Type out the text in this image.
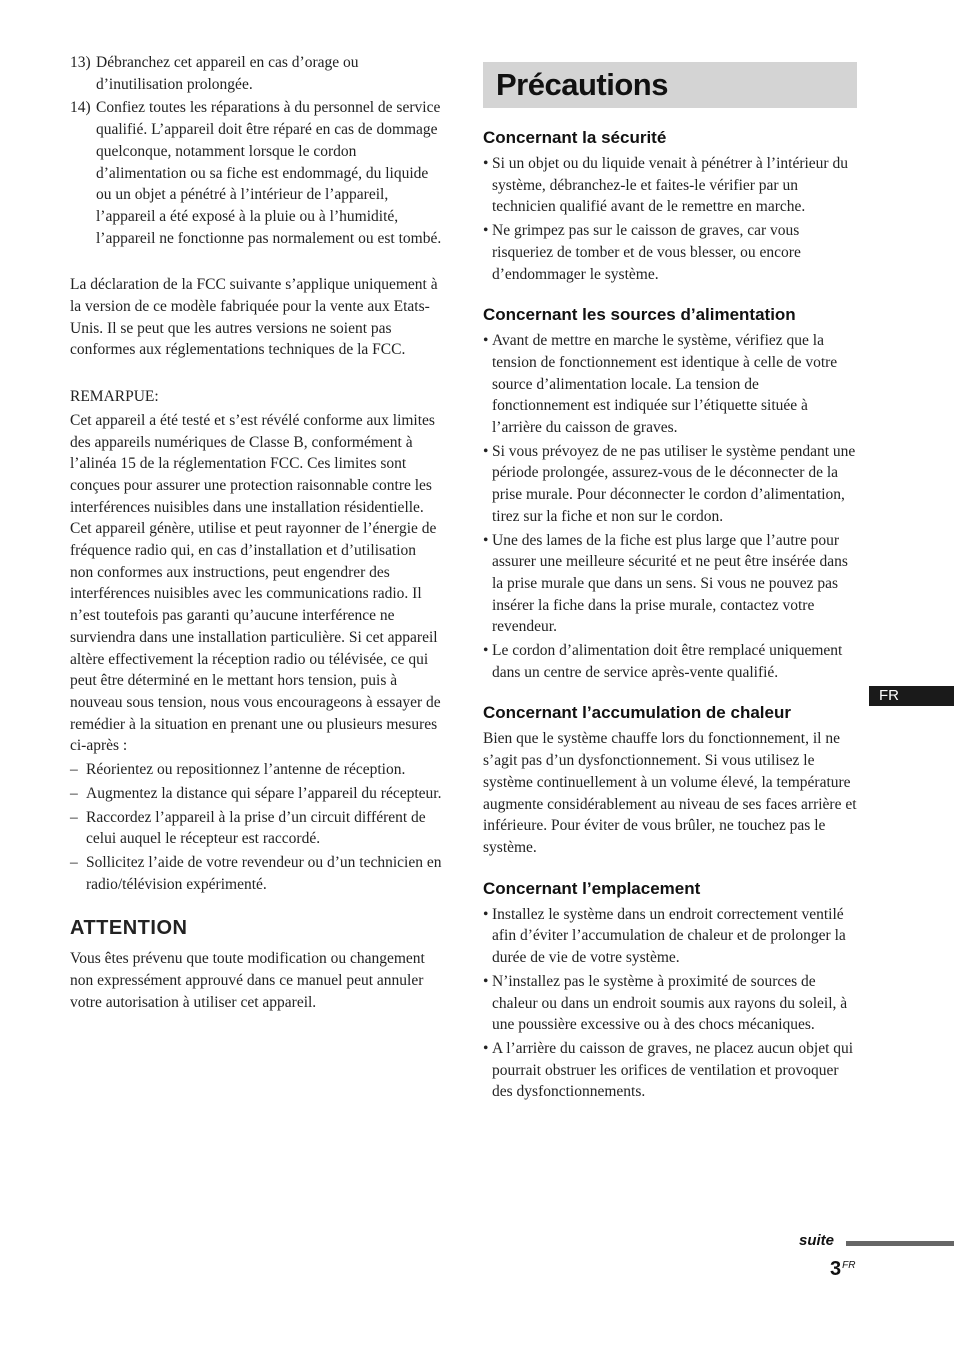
13) Débranchez cet appareil en cas d’orage ou d’inutilisation prolongée.
14) Confiez toutes les réparations à du personnel de service qualifié. L’appareil doit être réparé en cas de dommage quelconque, notamment lorsque le cordon d’alimentation ou sa fiche est endommagé, du liquide ou un objet a pénétré à l’intérieur de l’appareil, l’appareil a été exposé à la pluie ou à l’humidité, l’appareil ne fonctionne pas normalement ou est tombé.

La déclaration de la FCC suivante s’applique uniquement à la version de ce modèle fabriquée pour la vente aux Etats-Unis. Il se peut que les autres versions ne soient pas conformes aux réglementations techniques de la FCC.

REMARPUE:

Cet appareil a été testé et s’est révélé conforme aux limites des appareils numériques de Classe B, conformément à l’alinéa 15 de la réglementation FCC. Ces limites sont conçues pour assurer une protection raisonnable contre les interférences nuisibles dans une installation résidentielle. Cet appareil génère, utilise et peut rayonner de l’énergie de fréquence radio qui, en cas d’installation et d’utilisation non conformes aux instructions, peut engendrer des interférences nuisibles avec les communications radio. Il n’est toutefois pas garanti qu’aucune interférence ne surviendra dans une installation particulière. Si cet appareil altère effectivement la réception radio ou télévisée, ce qui peut être déterminé en le mettant hors tension, puis à nouveau sous tension, nous vous encourageons à essayer de remédier à la situation en prenant une ou plusieurs mesures ci-après :

– Réorientez ou repositionnez l’antenne de réception.
– Augmentez la distance qui sépare l’appareil du récepteur.
– Raccordez l’appareil à la prise d’un circuit différent de celui auquel le récepteur est raccordé.
– Sollicitez l’aide de votre revendeur ou d’un technicien en radio/télévision expérimenté.
ATTENTION

Vous êtes prévenu que toute modification ou changement non expressément approuvé dans ce manuel peut annuler votre autorisation à utiliser cet appareil.

Précautions
Concernant la sécurité
• Si un objet ou du liquide venait à pénétrer à l’intérieur du système, débranchez-le et faites-le vérifier par un technicien qualifié avant de le remettre en marche.
• Ne grimpez pas sur le caisson de graves, car vous risqueriez de tomber et de vous blesser, ou encore d’endommager le système.
Concernant les sources d’alimentation
• Avant de mettre en marche le système, vérifiez que la tension de fonctionnement est identique à celle de votre source d’alimentation locale. La tension de fonctionnement est indiquée sur l’étiquette située à l’arrière du caisson de graves.
• Si vous prévoyez de ne pas utiliser le système pendant une période prolongée, assurez-vous de le déconnecter de la prise murale. Pour déconnecter le cordon d’alimentation, tirez sur la fiche et non sur le cordon.
• Une des lames de la fiche est plus large que l’autre pour assurer une meilleure sécurité et ne peut être insérée dans la prise murale que dans un sens. Si vous ne pouvez pas insérer la fiche dans la prise murale, contactez votre revendeur.
• Le cordon d’alimentation doit être remplacé uniquement dans un centre de service après-vente qualifié.
Concernant l’accumulation de chaleur

Bien que le système chauffe lors du fonctionnement, il ne s’agit pas d’un dysfonctionnement. Si vous utilisez le système continuellement à un volume élevé, la température augmente considérablement au niveau de ses faces arrière et inférieure. Pour éviter de vous brûler, ne touchez pas le système.

Concernant l’emplacement
• Installez le système dans un endroit correctement ventilé afin d’éviter l’accumulation de chaleur et de prolonger la durée de vie de votre système.
• N’installez pas le système à proximité de sources de chaleur ou dans un endroit soumis aux rayons du soleil, à une poussière excessive ou à des chocs mécaniques.
• A l’arrière du caisson de graves, ne placez aucun objet qui pourrait obstruer les orifices de ventilation et provoquer des dysfonctionnements.
FR
suite
$3^{FR}$
